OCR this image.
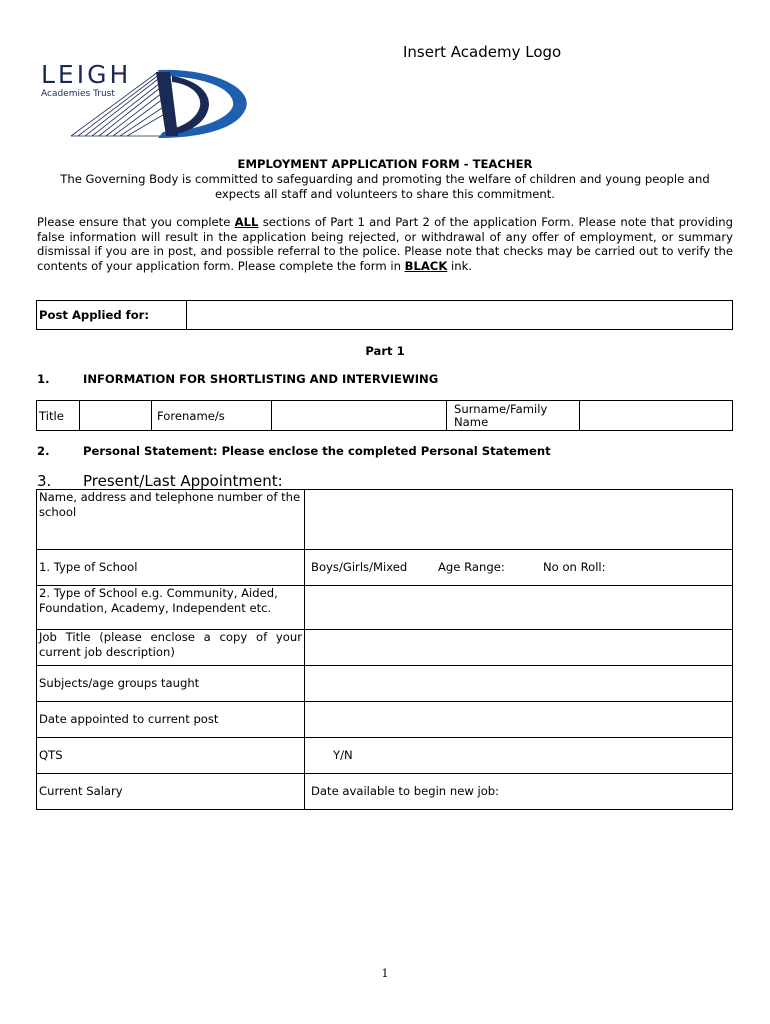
Insert Academy Logo
LEIGH
Academies Trust
EMPLOYMENT APPLICATION FORM - TEACHER
The Governing Body is committed to safeguarding and promoting the welfare of children and young people and expects all staff and volunteers to share this commitment.
Please ensure that you complete ALL sections of Part 1 and Part 2 of the application Form. Please note that providing false information will result in the application being rejected, or withdrawal of any offer of employment, or summary dismissal if you are in post, and possible referral to the police. Please note that checks may be carried out to verify the contents of your application form. Please complete the form in BLACK ink.
Post Applied for:	
Part 1
1.	INFORMATION FOR SHORTLISTING AND INTERVIEWING
Title		Forename/s		Surname/Family Name	
2.	Personal Statement: Please enclose the completed Personal Statement
3. Present/Last Appointment:
Name, address and telephone number of the school	
1. Type of School	Boys/Girls/Mixed Age Range: No on Roll:
2. Type of School e.g. Community, Aided, Foundation, Academy, Independent etc.	
Job Title (please enclose a copy of your current job description)	
Subjects/age groups taught	
Date appointed to current post	
QTS	Y/N
Current Salary	Date available to begin new job:
1
